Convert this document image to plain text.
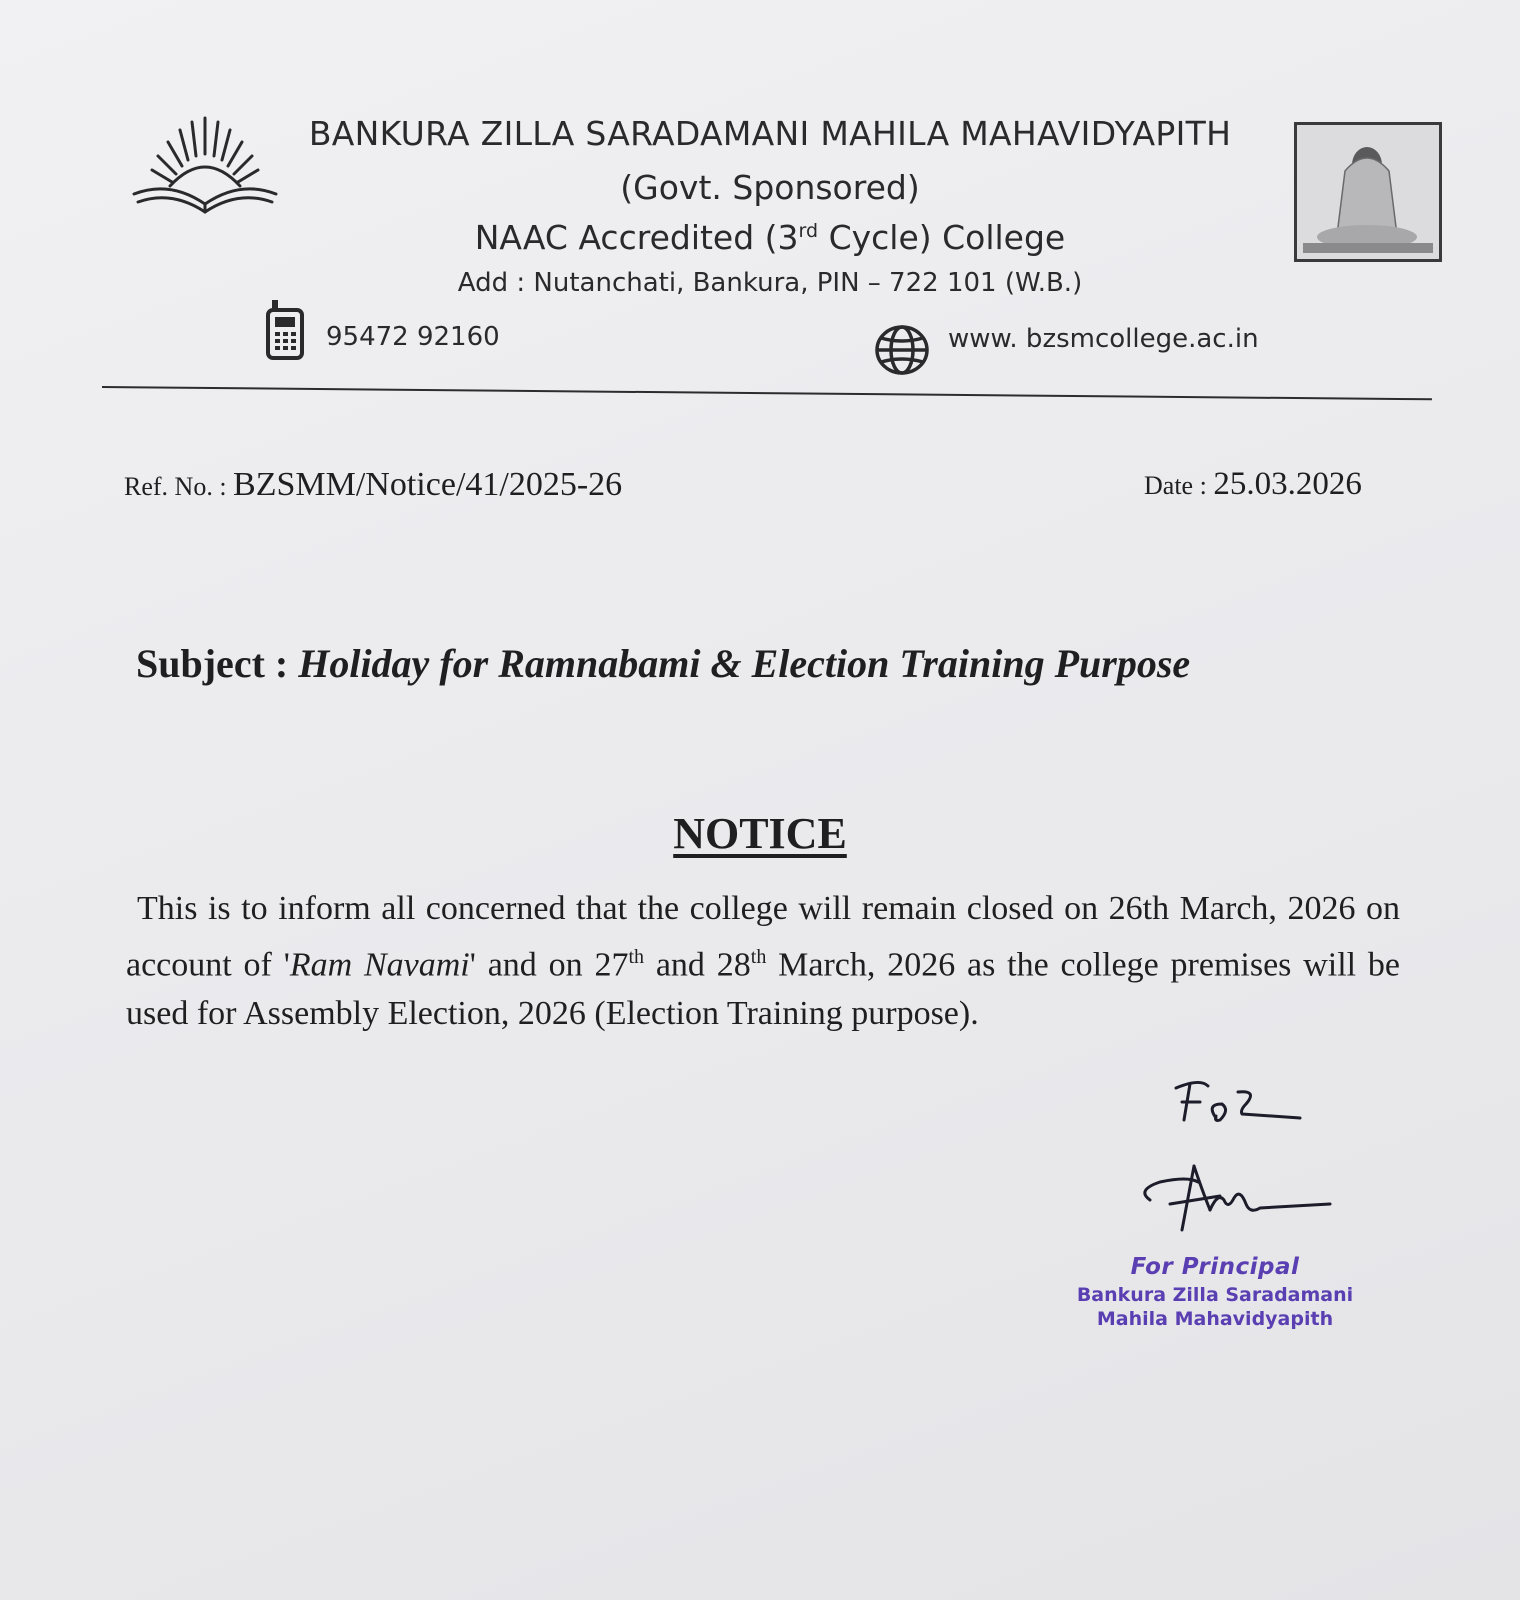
BANKURA ZILLA SARADAMANI MAHILA MAHAVIDYAPITH
(Govt. Sponsored)
NAAC Accredited (3rd Cycle) College
Add : Nutanchati, Bankura, PIN – 722 101 (W.B.)
95472 92160	www. bzsmcollege.ac.in
Ref. No. : BZSMM/Notice/41/2025-26	Date : 25.03.2026
Subject : Holiday for Ramnabami & Election Training Purpose
NOTICE
This is to inform all concerned that the college will remain closed on 26th March, 2026 on account of 'Ram Navami' and on 27th and 28th March, 2026 as the college premises will be used for Assembly Election, 2026 (Election Training purpose).
For Principal
Bankura Zilla Saradamani
Mahila Mahavidyapith
